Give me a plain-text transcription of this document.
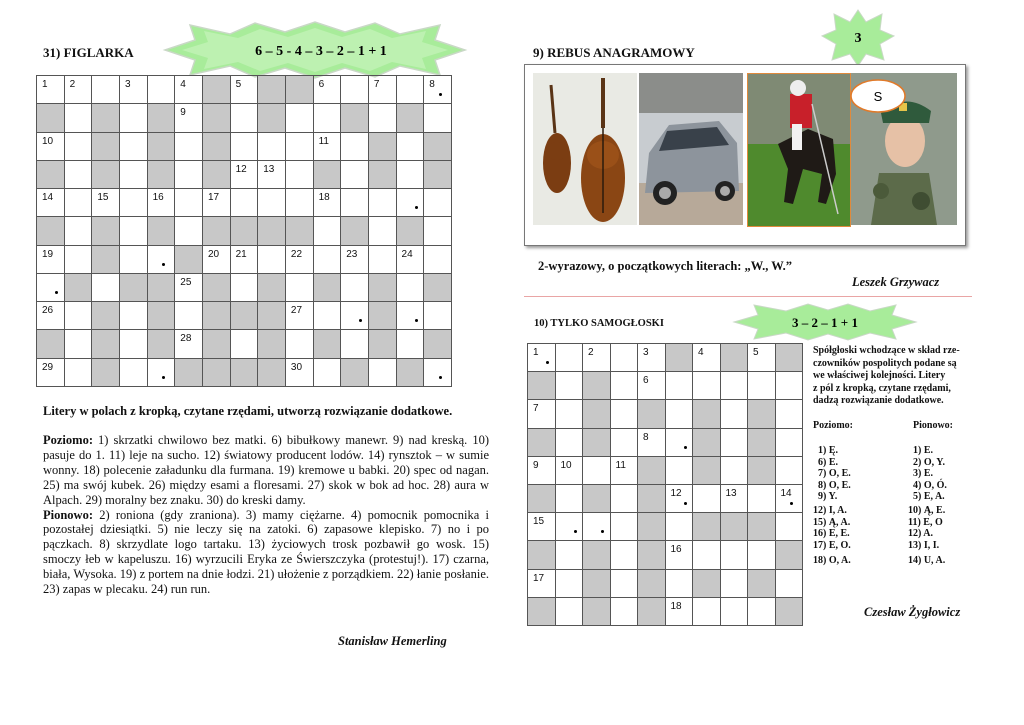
31) FIGLARKA	6 – 5 - 4 – 3 – 2 – 1 + 1
1	2		3		4		5			6		7		8

					9									

10										11				

							12	13						

14		15		16		17				18				

19						20	21		22		23		24	

					25									

26									27					

					28									

29									30					

Litery w polach z kropką, czytane rzędami, utworzą rozwiązanie dodatkowe.
Poziomo: 1) skrzatki chwilowo bez matki. 6) bibułkowy manewr. 9) nad kreską. 10) pasuje do 1. 11) leje na sucho. 12) światowy producent lodów. 14) rynsztok – w sumie wonny. 18) polecenie załadunku dla furmana. 19) kremowe u babki. 20) spec od nagan. 25) ma swój kubek. 26) między esami a floresami. 27) skok w bok ad hoc. 28) aura w Alpach. 29) moralny bez znaku. 30) do kreski damy.
Pionowo: 2) roniona (gdy zraniona). 3) mamy ciężarne. 4) pomocnik pomocnika i pozostałej dziesiątki. 5) nie leczy się na zatoki. 6) zapasowe klepisko. 7) no i po pączkach. 8) skrzydlate logo tartaku. 13) życiowych trosk pozbawił go wosk. 15) smoczy łeb w kapeluszu. 16) wyrzucili Eryka ze Świerszczyka (protestuj!). 17) czarna, biała, Wysoka. 19) z portem na dnie łodzi. 21) ułożenie z porządkiem. 22) łanie posłanie. 23) zapas w plecaku. 24) run run.
Stanisław Hemerling
3
9) REBUS ANAGRAMOWY
S
2-wyrazowy, o początkowych literach: „W., W.”
Leszek Grzywacz
10) TYLKO SAMOGŁOSKI	3 – 2 – 1 + 1
1		2		3		4		5	

				6					

7									

				8					

9	10		11						

					12		13		14

15									

					16				

17									

					18				

Spółgłoski wchodzące w skład rze-
czowników pospolitych podane są
we właściwej kolejności. Litery
z pól z kropką, czytane rzędami,
dadzą rozwiązanie dodatkowe.
Poziomo:	Pionowo:
1) Ę.
6) E.
7) O, E.
8) O, E.
9) Y.
12) I, A.
15) Ą, A.
16) E, E.
17) E, O.
18) O, A.
1) E.
2) O, Y.
3) E.
4) O, Ó.
5) E, A.
10) Ą, E.
11) E, O
12) A.
13) I, I.
14) U, A.
Czesław Żygłowicz
